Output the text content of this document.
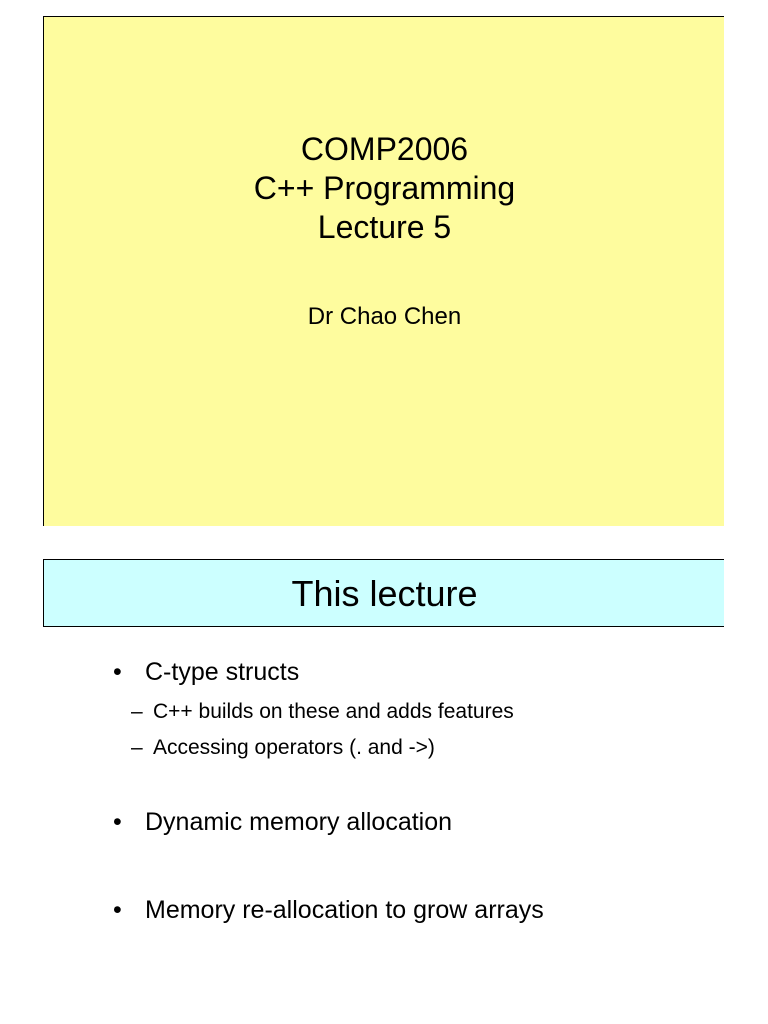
COMP2006
C++ Programming
Lecture 5
Dr Chao Chen
This lecture
• C-type structs
– C++ builds on these and adds features
– Accessing operators (. and ->)
• Dynamic memory allocation
• Memory re-allocation to grow arrays
